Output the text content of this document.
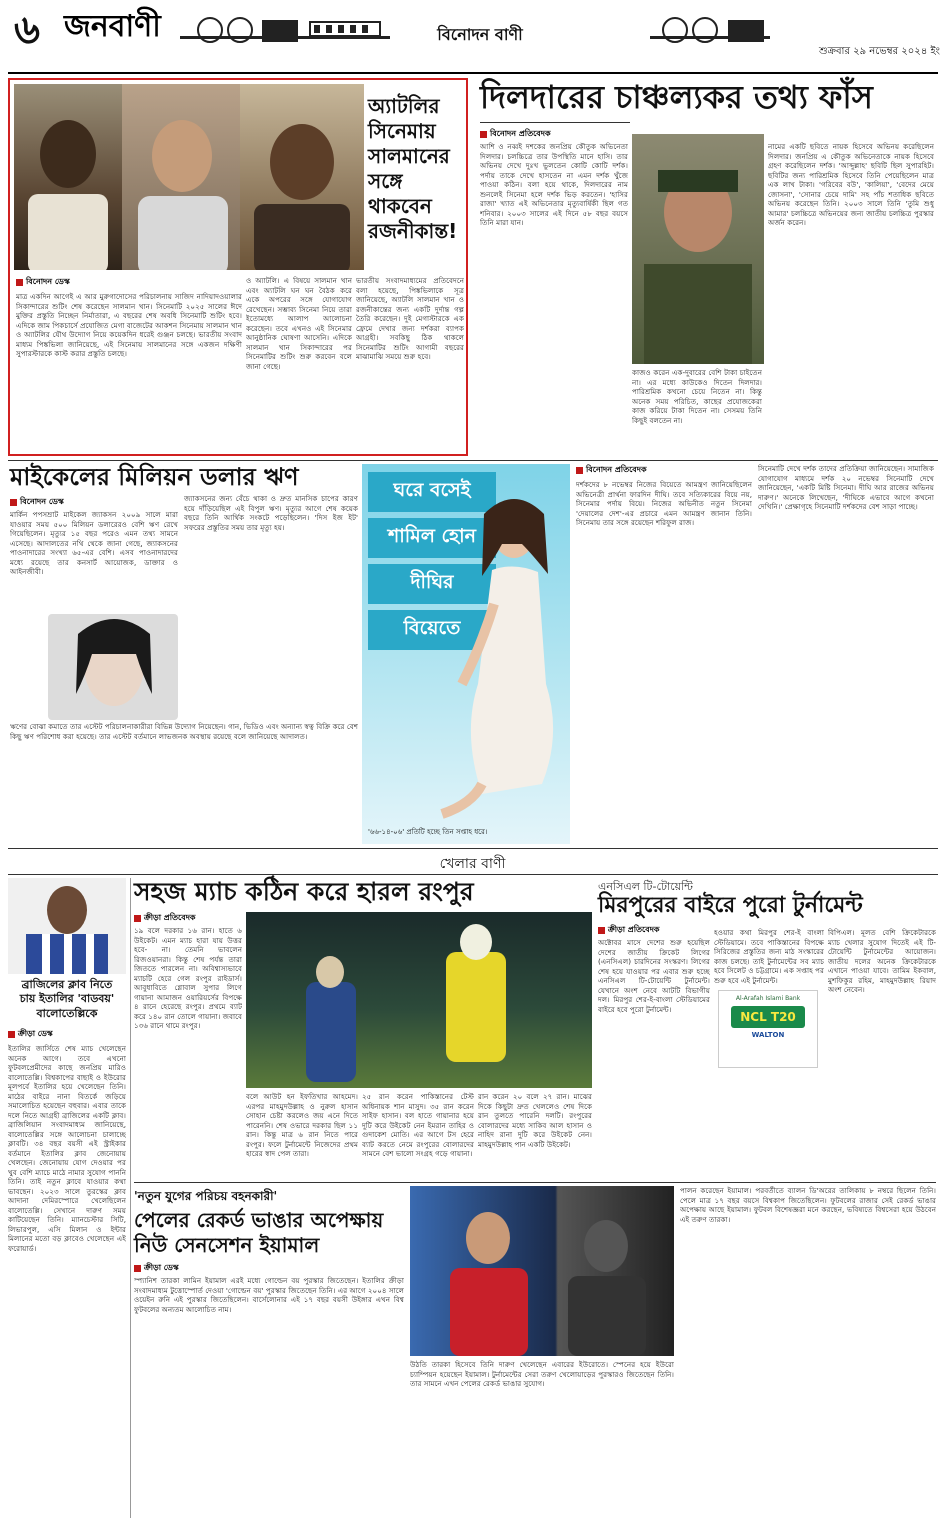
৬ জনবাণী	বিনোদন বাণী
শুক্রবার ২৯ নভেম্বর ২০২৪ ইং
অ্যাটলির
সিনেমায়
সালমানের
সঙ্গে
থাকবেন
রজনীকান্ত!
বিনোদন ডেস্ক
মাত্র একদিন আগেই এ আর মুরুগাদোসের পরিচালনায় সাজিদ নাদিয়াদওয়ালার সিকান্দারের শুটিং শেষ করেছেন সালমান খান। সিনেমাটি ২০২৫ সালের ঈদে মুক্তির প্রস্তুতি নিচ্ছেন নির্মাতারা, এ বছরের শেষ অবধি সিনেমাটি শুটিং হবে। এদিকে জাম পিকচার্সে প্রযোজিত মেগা বাজেটের আকশন সিনেমায় সালমান খান ও অ্যাটলির যৌথ উদ্যোগ নিয়ে কয়েকদিন ধরেই গুঞ্জন চলছে। ভারতীয় সংবাদ মাধ্যম পিঙ্কভিলা জানিয়েছে, এই সিনেমায় সালমানের সঙ্গে একজন দক্ষিণী সুপারস্টারকে কাস্ট করার প্রস্তুতি চলছে।
ও অ্যাটলি। এ বিষয়ে সালমান খান এবং অ্যাটলি ঘন ঘন বৈঠক করে একে অপরের সঙ্গে যোগাযোগ রেখেছেন। সম্ভাব্য সিনেমা নিয়ে তারা ইতোমধ্যে আলাপ আলোচনা করেছেন। তবে এখনও এই সিনেমার আনুষ্ঠানিক ঘোষণা আসেনি। এদিকে সালমান খান সিকান্দারের পর সিনেমাটির শুটিং শুরু করবেন বলে জানা গেছে।
ভারতীয় সংবাদমাধ্যমের প্রতিবেদনে বলা হয়েছে, পিঙ্কভিলাকে সূত্র জানিয়েছে, অ্যাটলি সালমান খান ও রজনীকান্তের জন্য একটি দুর্দান্ত গল্প তৈরি করেছেন। দুই মেগাস্টারকে এক ফ্রেমে দেখার জন্য দর্শকরা ব্যাপক আগ্রহী। সবকিছু ঠিক থাকলে সিনেমাটির শুটিং আগামী বছরের মাঝামাঝি সময়ে শুরু হবে।
দিলদারের চাঞ্চল্যকর তথ্য ফাঁস
বিনোদন প্রতিবেদক
আশি ও নব্বই দশকের জনপ্রিয় কৌতুক অভিনেতা দিলদার। চলচ্চিত্রে তার উপস্থিতি মানে হাসি। তার অভিনয় দেখে দুঃখ ভুলতেন কোটি কোটি দর্শক। পর্দায় তাকে দেখে হাসতেন না এমন দর্শক খুঁজে পাওয়া কঠিন। বলা হয়ে থাকে, দিলদারের নাম শুনলেই সিনেমা হলে দর্শক ভিড় করতেন। 'হাসির রাজা' খ্যাত এই অভিনেতার মৃত্যুবার্ষিকী ছিল গত শনিবার। ২০০৩ সালের এই দিনে ৫৮ বছর বয়সে তিনি মারা যান।
কাজও করেন এক-দুবারের বেশি টাকা চাইতেন না। এর মধ্যে কাউকেও দিতেন দিলদার। পারিশ্রমিক কখনো চেয়ে নিতেন না। কিন্তু অনেক সময় পরিচিত, কাছের প্রযোজকেরা কাজ করিয়ে টাকা দিতেন না। সেসময় তিনি কিছুই বলতেন না।
নামের একটি ছবিতে নায়ক হিসেবে অভিনয় করেছিলেন দিলদার। জনপ্রিয় এ কৌতুক অভিনেতাকে নায়ক হিসেবে গ্রহণ করেছিলেন দর্শক। 'আব্দুল্লাহ' ছবিটি ছিল সুপারহিট। ছবিটির জন্য পারিশ্রমিক হিসেবে তিনি পেয়েছিলেন মাত্র এক লাখ টাকা। 'গরিবের বউ', 'কালিয়া', 'বেদের মেয়ে জোসনা', 'সোনার চেয়ে দামি' সহ পাঁচ শতাধিক ছবিতে অভিনয় করেছেন তিনি। ২০০৩ সালে তিনি 'তুমি শুধু আমার' চলচ্চিত্রে অভিনয়ের জন্য জাতীয় চলচ্চিত্র পুরস্কার অর্জন করেন।
মাইকেলের মিলিয়ন ডলার ঋণ
বিনোদন ডেস্ক
মার্কিন পপসম্রাট মাইকেল জ্যাকসন ২০০৯ সালে মারা যাওয়ার সময় ৫০০ মিলিয়ন ডলারেরও বেশি ঋণ রেখে গিয়েছিলেন। মৃত্যুর ১৫ বছর পরেও এমন তথ্য সামনে এসেছে। আদালতের নথি থেকে জানা গেছে, জ্যাকসনের পাওনাদারের সংখ্যা ৬৫-এর বেশি। এসব পাওনাদারদের মধ্যে রয়েছে তার কনসার্ট আয়োজক, ডাক্তার ও আইনজীবী।
জ্যাকসনের জন্য বেঁচে থাকা ও দ্রুত মানসিক চাপের কারণ হয়ে দাঁড়িয়েছিল এই বিপুল ঋণ। মৃত্যুর আগে শেষ কয়েক বছরে তিনি আর্থিক সংকটে পড়েছিলেন। 'দিস ইজ ইট' সফরের প্রস্তুতির সময় তার মৃত্যু হয়।
ঋণের বোঝা কমাতে তার এস্টেট পরিচালনাকারীরা বিভিন্ন উদ্যোগ নিয়েছেন। গান, ভিডিও এবং অন্যান্য স্বত্ব বিক্রি করে বেশ কিছু ঋণ পরিশোধ করা হয়েছে। তার এস্টেট বর্তমানে লাভজনক অবস্থায় রয়েছে বলে জানিয়েছে আদালত।
ঘরে বসেই
শামিল হোন
দীঘির
বিয়েতে
'৬৬-১৪-০৬' প্রতিটি হচ্ছে তিন সপ্তাহ ধরে।
বিনোদন প্রতিবেদক
দর্শকদের ৮ নভেম্বর নিজের বিয়েতে আমন্ত্রণ জানিয়েছিলেন অভিনেত্রী প্রার্থনা ফারদিন দীঘি। তবে সত্যিকারের বিয়ে নয়, সিনেমার পর্দায় বিয়ে। নিজের অভিনীত নতুন সিনেমা 'দেয়ালের দেশ'-এর প্রচারে এমন আমন্ত্রণ জানান তিনি। সিনেমায় তার সঙ্গে রয়েছেন শরিফুল রাজ।
সিনেমাটি দেখে দর্শক তাদের প্রতিক্রিয়া জানিয়েছেন। সামাজিক যোগাযোগ মাধ্যমে দর্শক ২০ নভেম্বর সিনেমাটি দেখে জানিয়েছেন, 'একটি মিষ্টি সিনেমা। দীঘি আর রাজের অভিনয় দারুণ।' অনেকে লিখেছেন, 'দীঘিকে এভাবে আগে কখনো দেখিনি।' প্রেক্ষাগৃহে সিনেমাটি দর্শকদের বেশ সাড়া পাচ্ছে।
খেলার বাণী
ব্রাজিলের ক্লাব নিতে
চায় ইতালির 'বাডবয়'
বালোতেল্লিকে
ক্রীড়া ডেস্ক
ইতালির জার্সিতে শেষ ম্যাচ খেলেছেন অনেক আগে। তবে এখনো ফুটবলপ্রেমীদের কাছে জনপ্রিয় মারিও বালোতেল্লি। বিশ্বকাপের বাছাই ও ইউরোর মূলপর্বে ইতালির হয়ে খেলেছেন তিনি। মাঠের বাইরে নানা বিতর্কে জড়িয়ে সমালোচিত হয়েছেন বহুবার। এবার তাকে দলে নিতে আগ্রহী ব্রাজিলের একটি ক্লাব। ব্রাজিলিয়ান সংবাদমাধ্যম জানিয়েছে, বালোতেল্লির সঙ্গে আলোচনা চালাচ্ছে ক্লাবটি। ৩৪ বছর বয়সী এই স্ট্রাইকার বর্তমানে ইতালির ক্লাব জেনোয়ায় খেলছেন। জেনোয়ায় যোগ দেওয়ার পর খুব বেশি ম্যাচে মাঠে নামার সুযোগ পাননি তিনি। তাই নতুন ক্লাবে যাওয়ার কথা ভাবছেন। ২০২৩ সালে তুরস্কের ক্লাব আদানা দেমিরস্পোরে খেলেছিলেন বালোতেল্লি। সেখানে দারুণ সময় কাটিয়েছেন তিনি। ম্যানচেস্টার সিটি, লিভারপুল, এসি মিলান ও ইন্টার মিলানের মতো বড় ক্লাবেও খেলেছেন এই ফরোয়ার্ড।
সহজ ম্যাচ কঠিন করে হারল রংপুর
ক্রীড়া প্রতিবেদক
১৯ বলে দরকার ১৬ রান। হাতে ৬ উইকেট। এমন ম্যাচ হারা যায় উত্তর হবে- না। তেমনি ভাবলেন রিজওয়ানরা। কিন্তু শেষ পর্যন্ত তারা জিততে পারলেন না। অবিশ্বাস্যভাবে ম্যাচটি হেরে গেল রংপুর রাইডার্স। আবুধাবিতে গ্লোবাল সুপার লিগে গায়ানা আমাজন ওয়ারিয়র্সের বিপক্ষে ৪ রানে হেরেছে রংপুর। প্রথমে ব্যাট করে ১৪০ রান তোলে গায়ানা। জবাবে ১৩৬ রানে থামে রংপুর।
বলে আউট হন ইফতিখার আহমেদ। এরপর মাহমুদউল্লাহ ও নুরুল হাসান সোহান চেষ্টা করলেও জয় এনে দিতে পারেননি। শেষ ওভারে দরকার ছিল ১১ রান। কিন্তু মাত্র ৬ রান নিতে পারে রংপুর। ফলে টুর্নামেন্টে নিজেদের প্রথম হারের স্বাদ পেল তারা।
২৫ রান করেন পাকিস্তানের টেস্ট অধিনায়ক শান মাসুদ। ৩৫ রান করেন সাইফ হাসান। বল হাতে গায়ানার হয়ে দুটি করে উইকেট নেন ইমরান তাহির ও গুদাকেশ মোতি। এর আগে টস হেরে ব্যাট করতে নেমে রংপুরের বোলারদের সামনে বেশ ভালো সংগ্রহ গড়ে গায়ানা।
রান করেন ২০ বলে ২৭ রান। মাঝের দিকে কিছুটা দ্রুত খেললেও শেষ দিকে রান তুলতে পারেনি দলটি। রংপুরের বোলারদের মধ্যে সাকিব আল হাসান ও নাহিদ রানা দুটি করে উইকেট নেন। মাহমুদউল্লাহ পান একটি উইকেট।
এনসিএল টি-টোয়েন্টি
মিরপুরের বাইরে পুরো টুর্নামেন্ট
ক্রীড়া প্রতিবেদক
অক্টোবর মাসে দেশের শুরু হয়েছিল দেশের জাতীয় ক্রিকেট লিগের (এনসিএল) চারদিনের সংস্করণ। লিগের শেষ হয়ে যাওয়ার পর এবার শুরু হচ্ছে এনসিএল টি-টোয়েন্টি টুর্নামেন্ট। যেখানে অংশ নেবে আটটি বিভাগীয় দল। মিরপুর শের-ই-বাংলা স্টেডিয়ামের বাইরে হবে পুরো টুর্নামেন্ট।
হওয়ার কথা মিরপুর শের-ই বাংলা স্টেডিয়ামে। তবে পাকিস্তানের বিপক্ষে সিরিজের প্রস্তুতির জন্য মাঠ সংস্কারের কাজ চলছে। তাই টুর্নামেন্টের সব ম্যাচ হবে সিলেট ও চট্টগ্রামে। এক সপ্তাহ পর শুরু হবে এই টুর্নামেন্ট।
Al-Arafah Islami Bank
NCL T20
WALTON
বিপিএল। মূলত বেশি ক্রিকেটারকে ম্যাচ খেলার সুযোগ দিতেই এই টি-টোয়েন্টি টুর্নামেন্টের আয়োজন। জাতীয় দলের অনেক ক্রিকেটারকে এখানে পাওয়া যাবে। তামিম ইকবাল, মুশফিকুর রহিম, মাহমুদউল্লাহ রিয়াদ অংশ নেবেন।
'নতুন যুগের পরিচয় বহনকারী'
পেলের রেকর্ড ভাঙার অপেক্ষায়
নিউ সেনসেশন ইয়ামাল
ক্রীড়া ডেস্ক
স্প্যানিশ তারকা লামিন ইয়ামাল এরই মধ্যে গোল্ডেন বয় পুরস্কার জিতেছেন। ইতালির ক্রীড়া সংবাদমাধ্যম টুত্তোস্পোর্ত দেওয়া 'গোল্ডেন বয়' পুরস্কার জিতেছেন তিনি। এর আগে ২০০৪ সালে ওয়েইন রুনি এই পুরস্কার জিতেছিলেন। বার্সেলোনার এই ১৭ বছর বয়সী উইঙ্গার এখন বিশ্ব ফুটবলের অন্যতম আলোচিত নাম।
উঠতি তারকা হিসেবে তিনি দারুণ খেলেছেন এবারের ইউরোতে। স্পেনের হয়ে ইউরো চ্যাম্পিয়ন হয়েছেন ইয়ামাল। টুর্নামেন্টের সেরা তরুণ খেলোয়াড়ের পুরস্কারও জিতেছেন তিনি। তার সামনে এখন পেলের রেকর্ড ভাঙার সুযোগ।
পালন করেছেন ইয়ামাল। পরবর্তীতে ব্যালন ডি'অরের তালিকায় ৮ নম্বরে ছিলেন তিনি। পেলে মাত্র ১৭ বছর বয়সে বিশ্বকাপ জিতেছিলেন। ফুটবলের রাজার সেই রেকর্ড ভাঙার অপেক্ষায় আছে ইয়ামাল। ফুটবল বিশেষজ্ঞরা মনে করছেন, ভবিষ্যতে বিশ্বসেরা হয়ে উঠবেন এই তরুণ তারকা।
